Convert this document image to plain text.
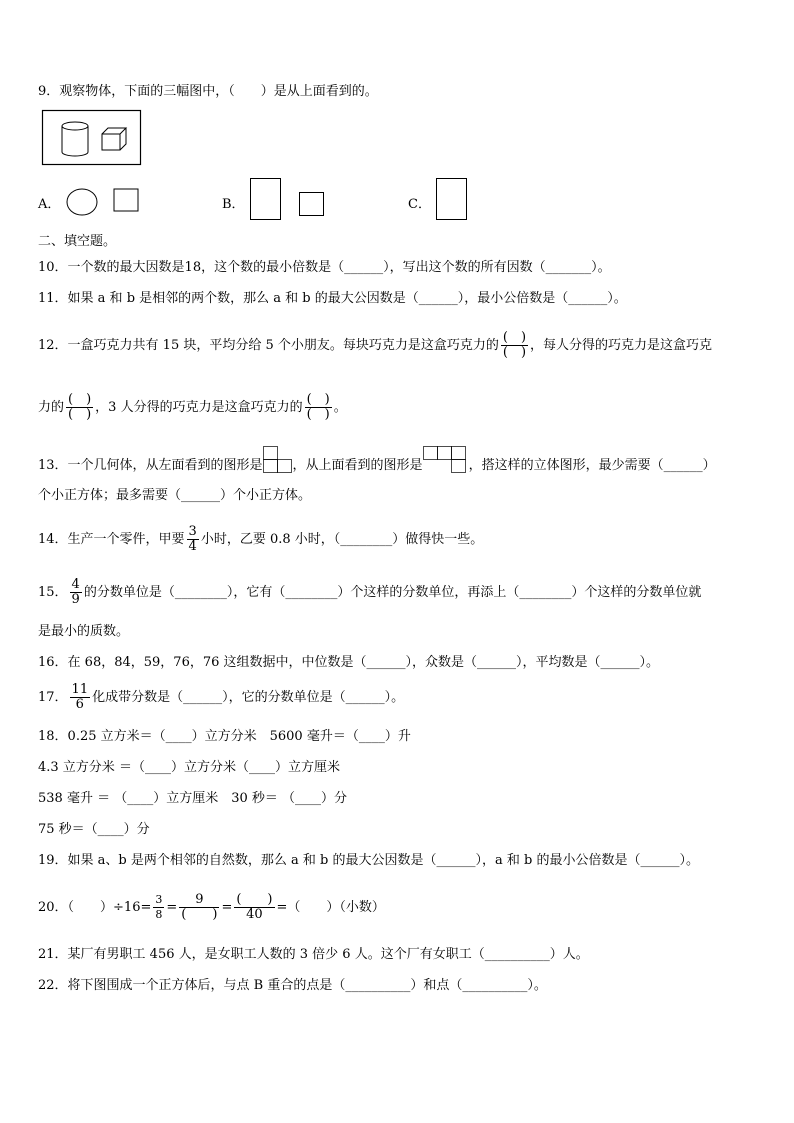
9．观察物体，下面的三幅图中，（　　）是从上面看到的。
A．	B．	C．
二、填空题。
10．一个数的最大因数是18，这个数的最小倍数是（______），写出这个数的所有因数（_______）。
11．如果 a 和 b 是相邻的两个数，那么 a 和 b 的最大公因数是（______），最小公倍数是（______）。
12．一盒巧克力共有 15 块，平均分给 5 个小朋友。每块巧克力是这盒巧克力的 $\frac{( )}{( )}$ ，每人分得的巧克力是这盒巧克
力的 $\frac{( )}{( )}$ ，3 人分得的巧克力是这盒巧克力的 $\frac{( )}{( )}$ 。
13．一个几何体，从左面看到的图形是 ，从上面看到的图形是	，搭这样的立体图形，最少需要（______）
个小正方体；最多需要（______）个小正方体。
14．生产一个零件，甲要 $\frac{3}{4}$ 小时，乙要 0.8 小时，（________）做得快一些。
15． $\frac{4}{9}$ 的分数单位是（________），它有（________）个这样的分数单位，再添上（________）个这样的分数单位就
是最小的质数。
16．在 68，84，59，76，76 这组数据中，中位数是（______），众数是（______），平均数是（______）。
17． $\frac{11}{6}$ 化成带分数是（______），它的分数单位是（______）。
18．0.25 立方米＝（____）立方分米　5600 毫升＝（____）升
4.3 立方分米 ＝（____）立方分米（____）立方厘米
538 毫升 ＝ （____）立方厘米　30 秒＝ （____）分
75 秒＝（____）分
19．如果 a、b 是两个相邻的自然数，那么 a 和 b 的最大公因数是（______），a 和 b 的最小公倍数是（______）。
20．（　　）$\div 16= \frac{3}{8} = \frac{9}{( )} = \frac{( )}{40}$ =（　　）（小数）
21．某厂有男职工 456 人，是女职工人数的 3 倍少 6 人。这个厂有女职工（__________）人。
22．将下图围成一个正方体后，与点 B 重合的点是（__________）和点（__________）。
